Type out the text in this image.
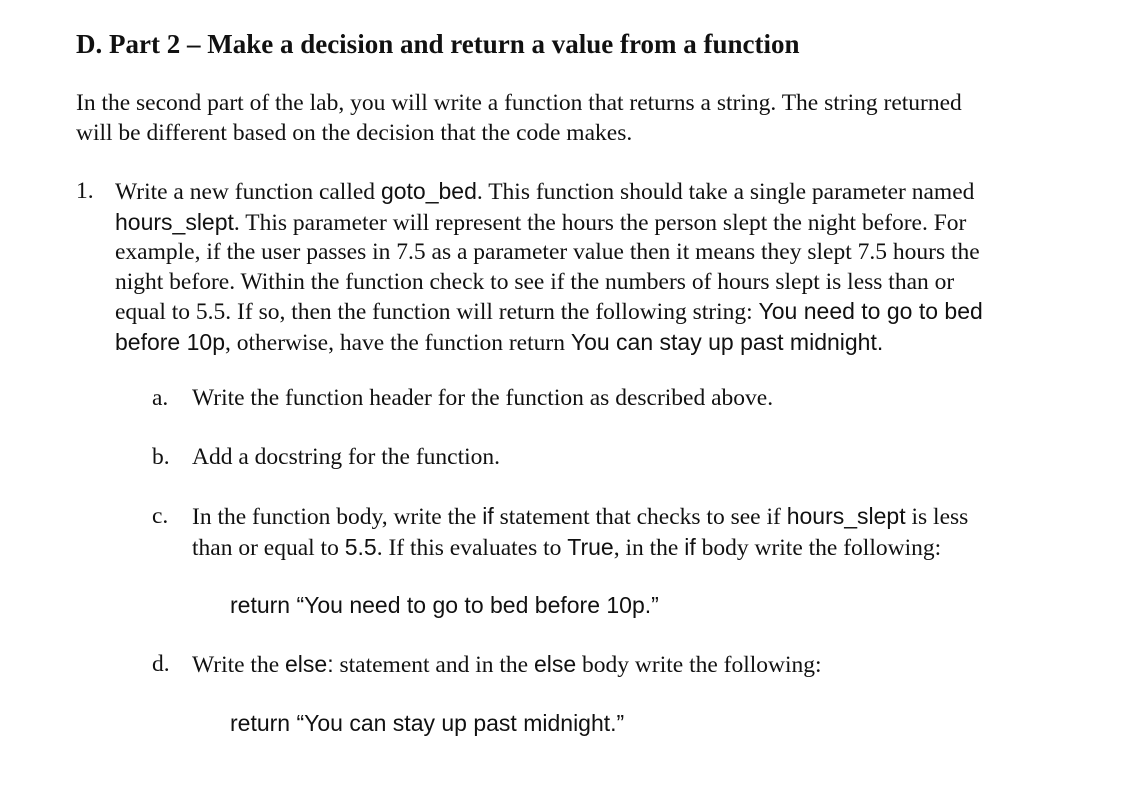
D. Part 2 – Make a decision and return a value from a function
In the second part of the lab, you will write a function that returns a string. The string returned
will be different based on the decision that the code makes.
1. Write a new function called goto_bed. This function should take a single parameter named
hours_slept. This parameter will represent the hours the person slept the night before. For
example, if the user passes in 7.5 as a parameter value then it means they slept 7.5 hours the
night before. Within the function check to see if the numbers of hours slept is less than or
equal to 5.5. If so, then the function will return the following string: You need to go to bed
before 10p, otherwise, have the function return You can stay up past midnight.
a. Write the function header for the function as described above.
b. Add a docstring for the function.
c. In the function body, write the if statement that checks to see if hours_slept is less
than or equal to 5.5. If this evaluates to True, in the if body write the following:
return “You need to go to bed before 10p.”
d. Write the else: statement and in the else body write the following:
return “You can stay up past midnight.”
